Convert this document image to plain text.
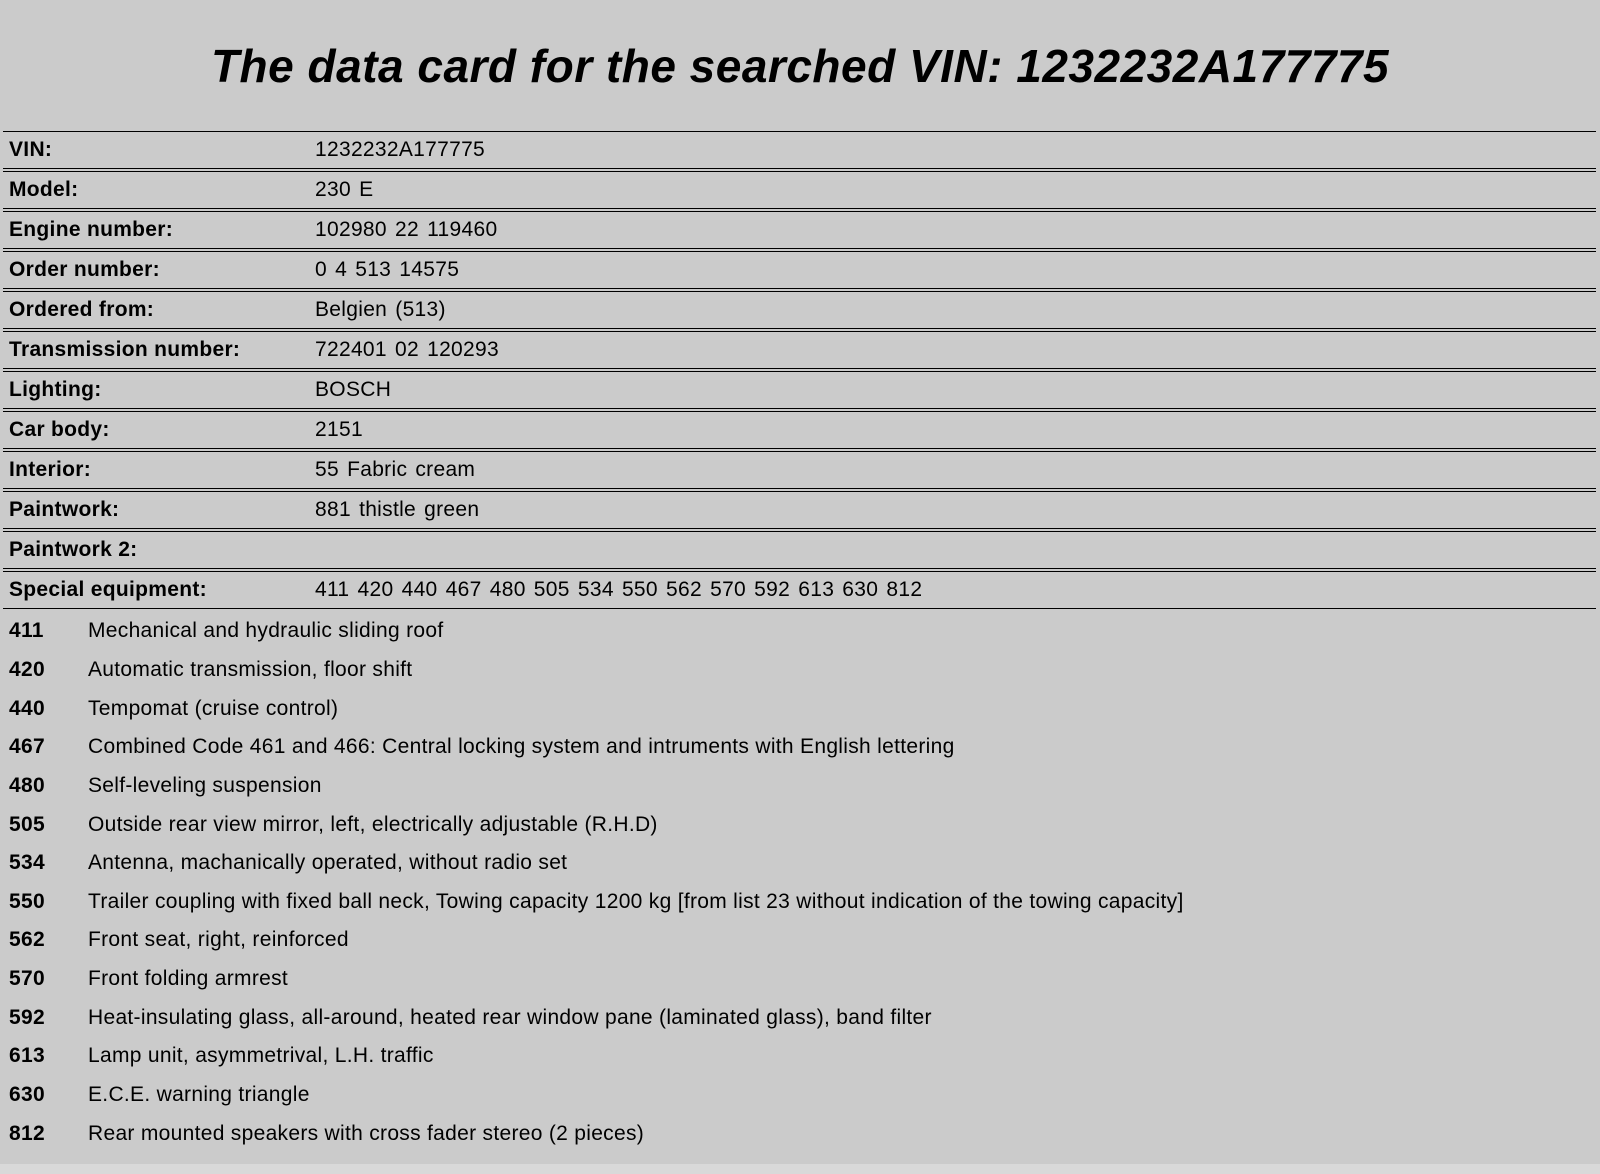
The data card for the searched VIN: 1232232A177775
VIN:	1232232A177775
Model:	230 E
Engine number:	102980 22 119460
Order number:	0 4 513 14575
Ordered from:	Belgien (513)
Transmission number:	722401 02 120293
Lighting:	BOSCH
Car body:	2151
Interior:	55 Fabric cream
Paintwork:	881 thistle green
Paintwork 2:
Special equipment:	411 420 440 467 480 505 534 550 562 570 592 613 630 812
411	Mechanical and hydraulic sliding roof
420	Automatic transmission, floor shift
440	Tempomat (cruise control)
467	Combined Code 461 and 466: Central locking system and intruments with English lettering
480	Self-leveling suspension
505	Outside rear view mirror, left, electrically adjustable (R.H.D)
534	Antenna, machanically operated, without radio set
550	Trailer coupling with fixed ball neck, Towing capacity 1200 kg [from list 23 without indication of the towing capacity]
562	Front seat, right, reinforced
570	Front folding armrest
592	Heat-insulating glass, all-around, heated rear window pane (laminated glass), band filter
613	Lamp unit, asymmetrival, L.H. traffic
630	E.C.E. warning triangle
812	Rear mounted speakers with cross fader stereo (2 pieces)
